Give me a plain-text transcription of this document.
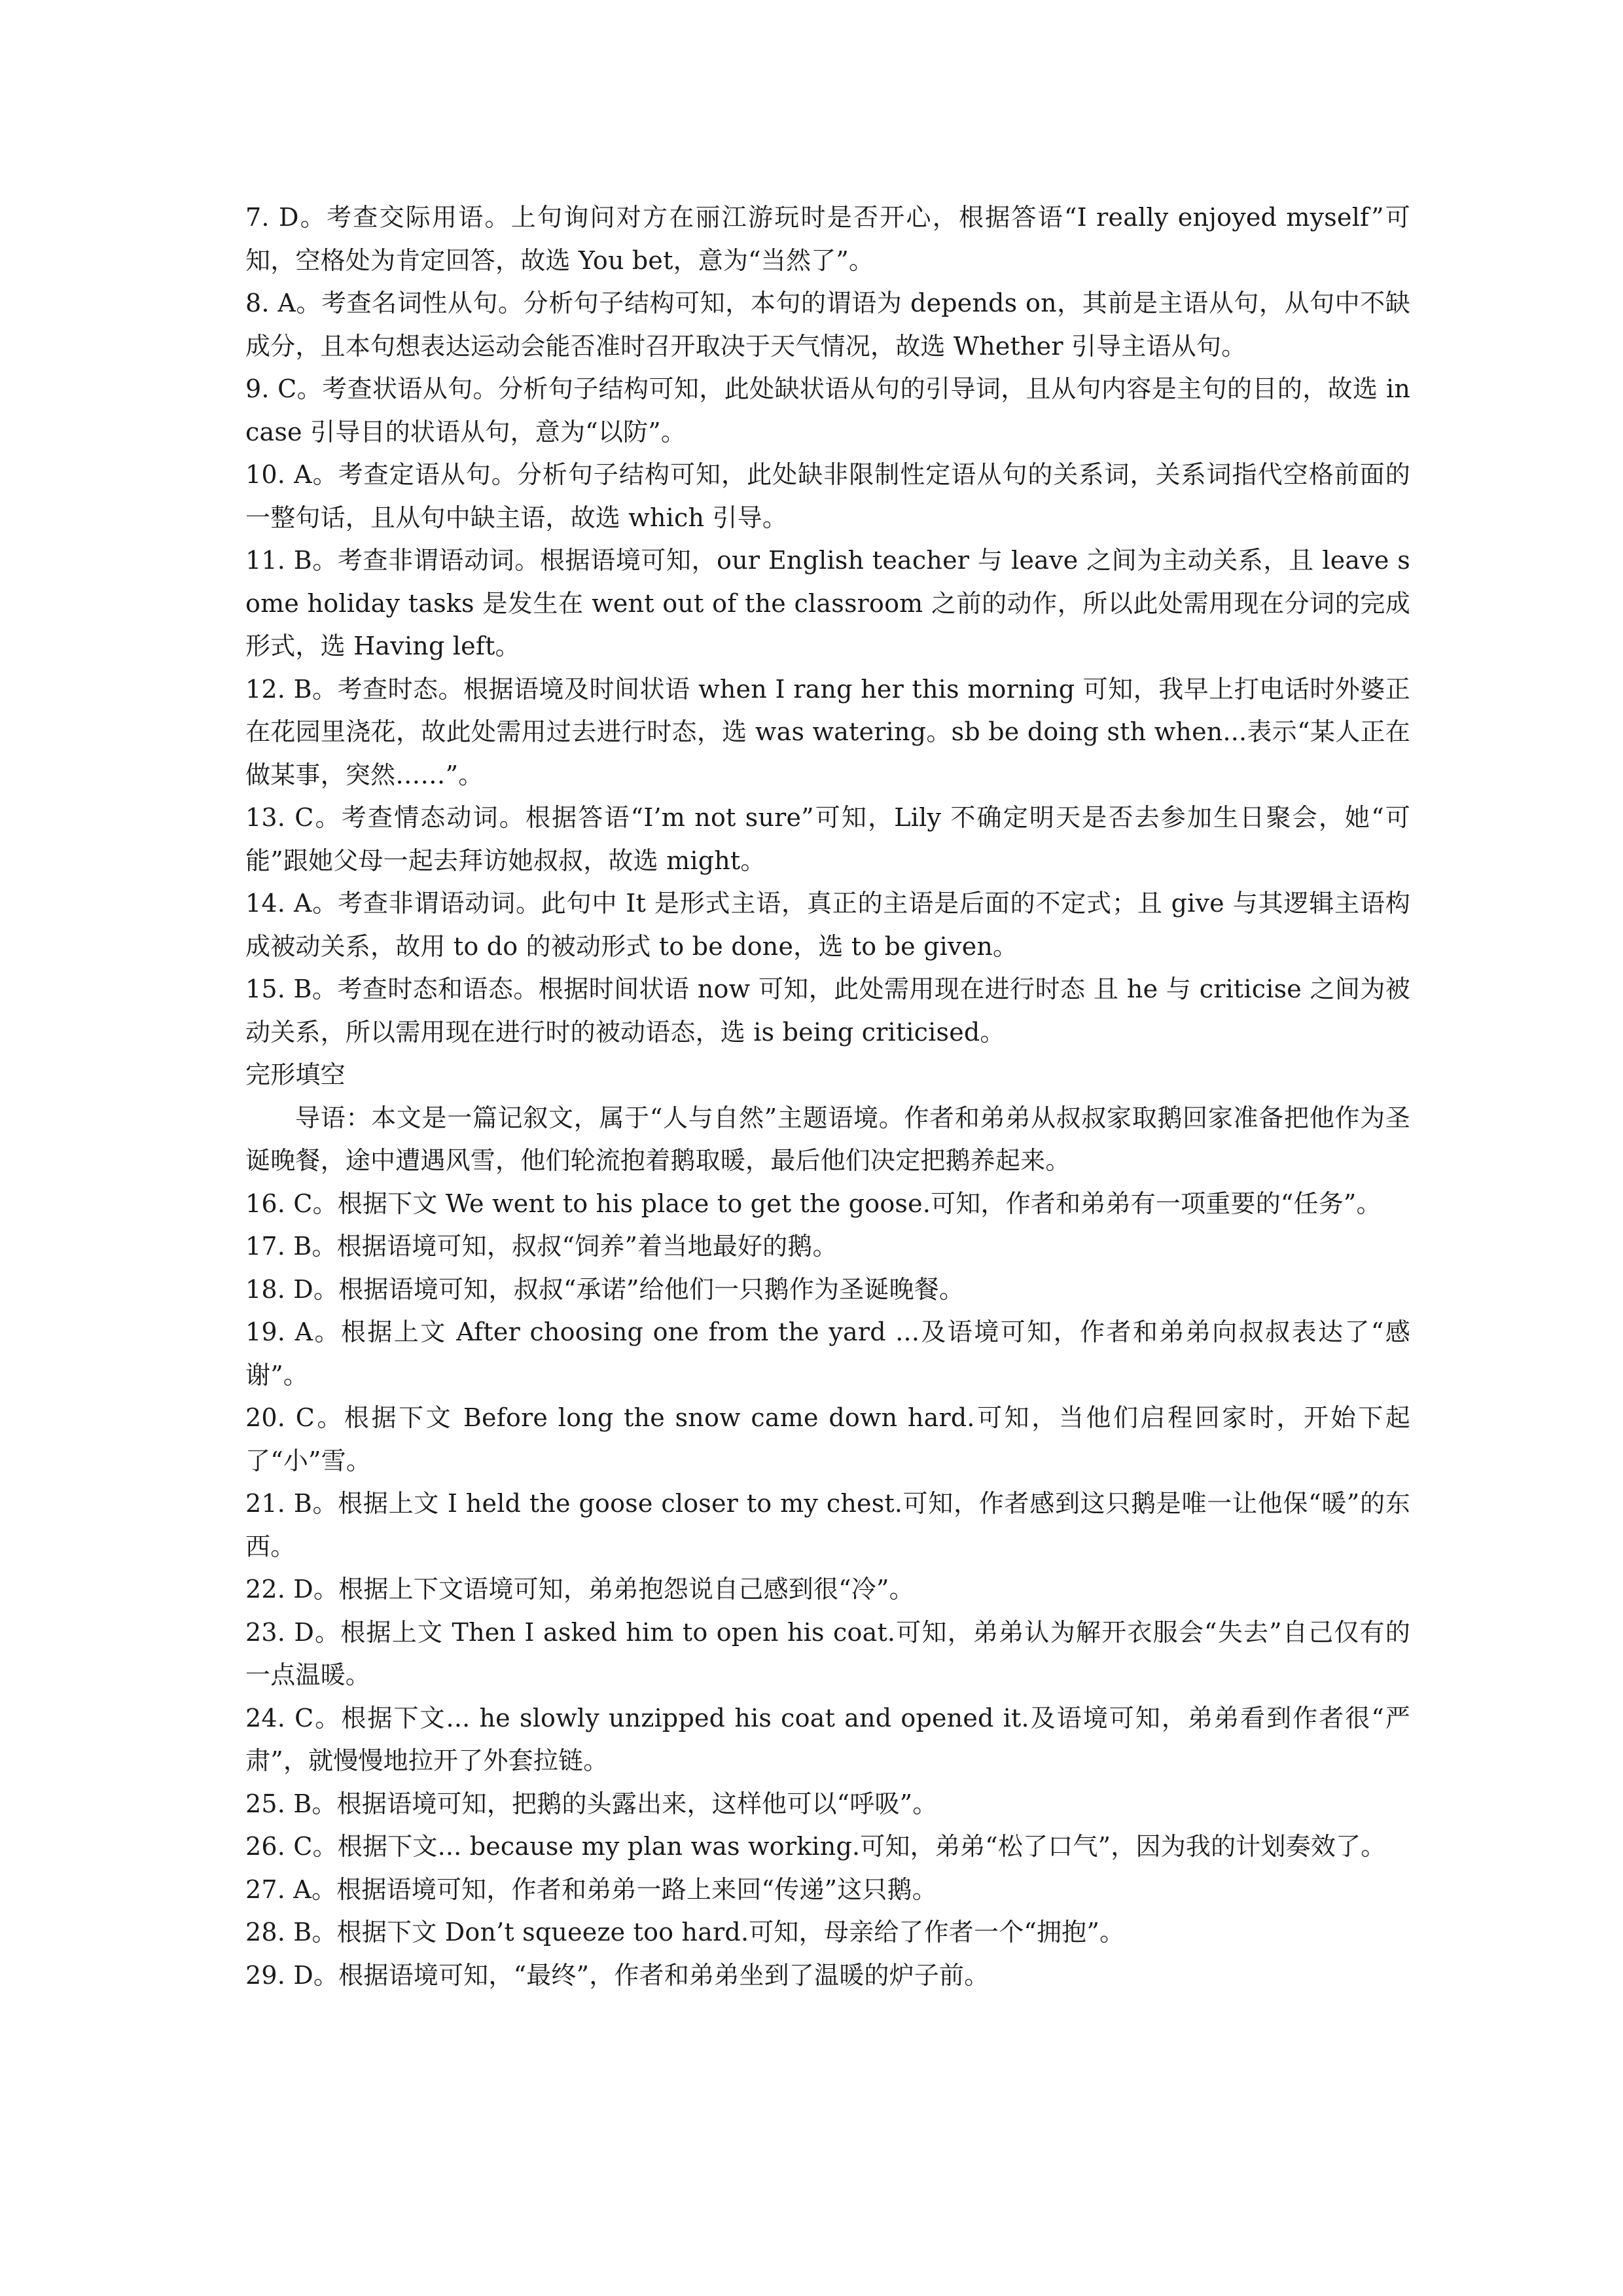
7. D。考查交际用语。上句询问对方在丽江游玩时是否开心，根据答语“I really enjoyed myself”可知，空格处为肯定回答，故选 You bet，意为“当然了”。

8. A。考查名词性从句。分析句子结构可知，本句的谓语为 depends on，其前是主语从句，从句中不缺成分，且本句想表达运动会能否准时召开取决于天气情况，故选 Whether 引导主语从句。

9. C。考查状语从句。分析句子结构可知，此处缺状语从句的引导词，且从句内容是主句的目的，故选 in case 引导目的状语从句，意为“以防”。

10. A。考查定语从句。分析句子结构可知，此处缺非限制性定语从句的关系词，关系词指代空格前面的一整句话，且从句中缺主语，故选 which 引导。

11. B。考查非谓语动词。根据语境可知，our English teacher 与 leave 之间为主动关系，且 leave some holiday tasks 是发生在 went out of the classroom 之前的动作，所以此处需用现在分词的完成形式，选 Having left。

12. B。考查时态。根据语境及时间状语 when I rang her this morning 可知，我早上打电话时外婆正在花园里浇花，故此处需用过去进行时态，选 was watering。sb be doing sth when...表示“某人正在做某事，突然……”。

13. C。考查情态动词。根据答语“I’m not sure”可知，Lily 不确定明天是否去参加生日聚会，她“可能”跟她父母一起去拜访她叔叔，故选 might。

14. A。考查非谓语动词。此句中 It 是形式主语，真正的主语是后面的不定式；且 give 与其逻辑主语构成被动关系，故用 to do 的被动形式 to be done，选 to be given。

15. B。考查时态和语态。根据时间状语 now 可知，此处需用现在进行时态 且 he 与 criticise 之间为被动关系，所以需用现在进行时的被动语态，选 is being criticised。

完形填空

导语：本文是一篇记叙文，属于“人与自然”主题语境。作者和弟弟从叔叔家取鹅回家准备把他作为圣诞晚餐，途中遭遇风雪，他们轮流抱着鹅取暖，最后他们决定把鹅养起来。

16. C。根据下文 We went to his place to get the goose.可知，作者和弟弟有一项重要的“任务”。

17. B。根据语境可知，叔叔“饲养”着当地最好的鹅。

18. D。根据语境可知，叔叔“承诺”给他们一只鹅作为圣诞晚餐。

19. A。根据上文 After choosing one from the yard ...及语境可知，作者和弟弟向叔叔表达了“感谢”。

20. C。根据下文 Before long the snow came down hard.可知，当他们启程回家时，开始下起了“小”雪。

21. B。根据上文 I held the goose closer to my chest.可知，作者感到这只鹅是唯一让他保“暖”的东西。

22. D。根据上下文语境可知，弟弟抱怨说自己感到很“冷”。

23. D。根据上文 Then I asked him to open his coat.可知，弟弟认为解开衣服会“失去”自己仅有的一点温暖。

24. C。根据下文... he slowly unzipped his coat and opened it.及语境可知，弟弟看到作者很“严肃”，就慢慢地拉开了外套拉链。

25. B。根据语境可知，把鹅的头露出来，这样他可以“呼吸”。

26. C。根据下文... because my plan was working.可知，弟弟“松了口气”，因为我的计划奏效了。

27. A。根据语境可知，作者和弟弟一路上来回“传递”这只鹅。

28. B。根据下文 Don’t squeeze too hard.可知，母亲给了作者一个“拥抱”。

29. D。根据语境可知，“最终”，作者和弟弟坐到了温暖的炉子前。
